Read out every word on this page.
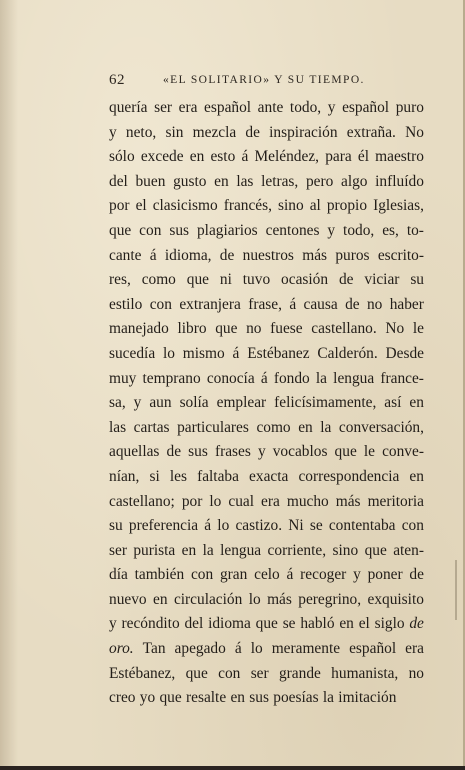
62	«EL SOLITARIO» Y SU TIEMPO.
quería ser era español ante todo, y español puro
y neto, sin mezcla de inspiración extraña. No
sólo excede en esto á Meléndez, para él maestro
del buen gusto en las letras, pero algo influído
por el clasicismo francés, sino al propio Iglesias,
que con sus plagiarios centones y todo, es, to-
cante á idioma, de nuestros más puros escrito-
res, como que ni tuvo ocasión de viciar su
estilo con extranjera frase, á causa de no haber
manejado libro que no fuese castellano. No le
sucedía lo mismo á Estébanez Calderón. Desde
muy temprano conocía á fondo la lengua france-
sa, y aun solía emplear felicísimamente, así en
las cartas particulares como en la conversación,
aquellas de sus frases y vocablos que le conve-
nían, si les faltaba exacta correspondencia en
castellano; por lo cual era mucho más meritoria
su preferencia á lo castizo. Ni se contentaba con
ser purista en la lengua corriente, sino que aten-
día también con gran celo á recoger y poner de
nuevo en circulación lo más peregrino, exquisito
y recóndito del idioma que se habló en el siglo de
oro. Tan apegado á lo meramente español era
Estébanez, que con ser grande humanista, no
creo yo que resalte en sus poesías la imitación
